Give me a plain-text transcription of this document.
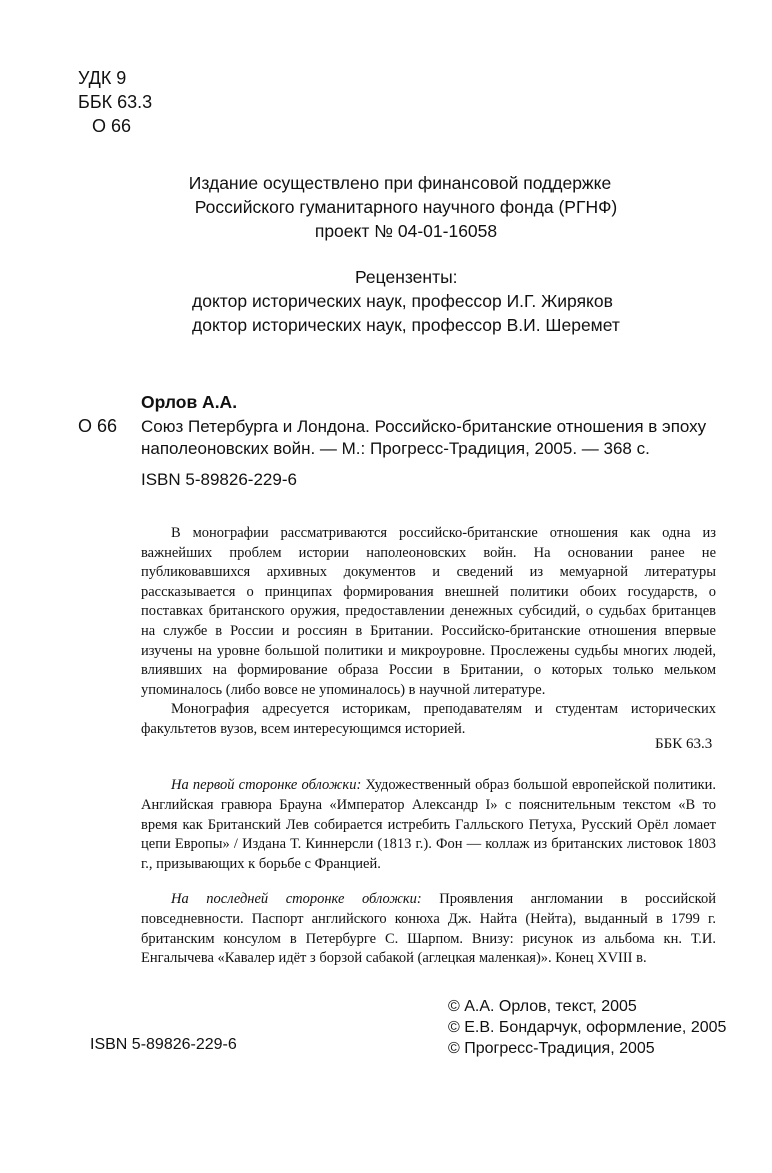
УДК 9
ББК 63.3
О 66
Издание осуществлено при финансовой поддержке
Российского гуманитарного научного фонда (РГНФ)
проект № 04-01-16058
Рецензенты:
доктор исторических наук, профессор И.Г. Жиряков
доктор исторических наук, профессор В.И. Шеремет
Орлов А.А.
О 66 Союз Петербурга и Лондона. Российско-британские отношения в эпоху
наполеоновских войн. — М.: Прогресс-Традиция, 2005. — 368 с.
ISBN 5-89826-229-6

В монографии рассматриваются российско-британские отношения как одна из важнейших проблем истории наполеоновских войн. На основании ранее не публиковавшихся архивных документов и сведений из мемуарной литературы рассказывается о принципах формирования внешней политики обоих государств, о поставках британского оружия, предоставлении денежных субсидий, о судьбах британцев на службе в России и россиян в Британии. Российско-британские отношения впервые изучены на уровне большой политики и микроуровне. Прослежены судьбы многих людей, влиявших на формирование образа России в Британии, о которых только мельком упоминалось (либо вовсе не упоминалось) в научной литературе.

Монография адресуется историкам, преподавателям и студентам исторических факультетов вузов, всем интересующимся историей.

ББК 63.3

На первой сторонке обложки: Художественный образ большой европейской политики. Английская гравюра Брауна «Император Александр I» с пояснительным текстом «В то время как Британский Лев собирается истребить Галльского Петуха, Русский Орёл ломает цепи Европы» / Издана Т. Киннерсли (1813 г.). Фон — коллаж из британских листовок 1803 г., призывающих к борьбе с Францией.

На последней сторонке обложки: Проявления англомании в российской повседневности. Паспорт английского конюха Дж. Найта (Нейта), выданный в 1799 г. британским консулом в Петербурге С. Шарпом. Внизу: рисунок из альбома кн. Т.И. Енгалычева «Кавалер идёт з борзой сабакой (аглецкая маленкая)». Конец XVIII в.

© А.А. Орлов, текст, 2005
© Е.В. Бондарчук, оформление, 2005
© Прогресс-Традиция, 2005
ISBN 5-89826-229-6
